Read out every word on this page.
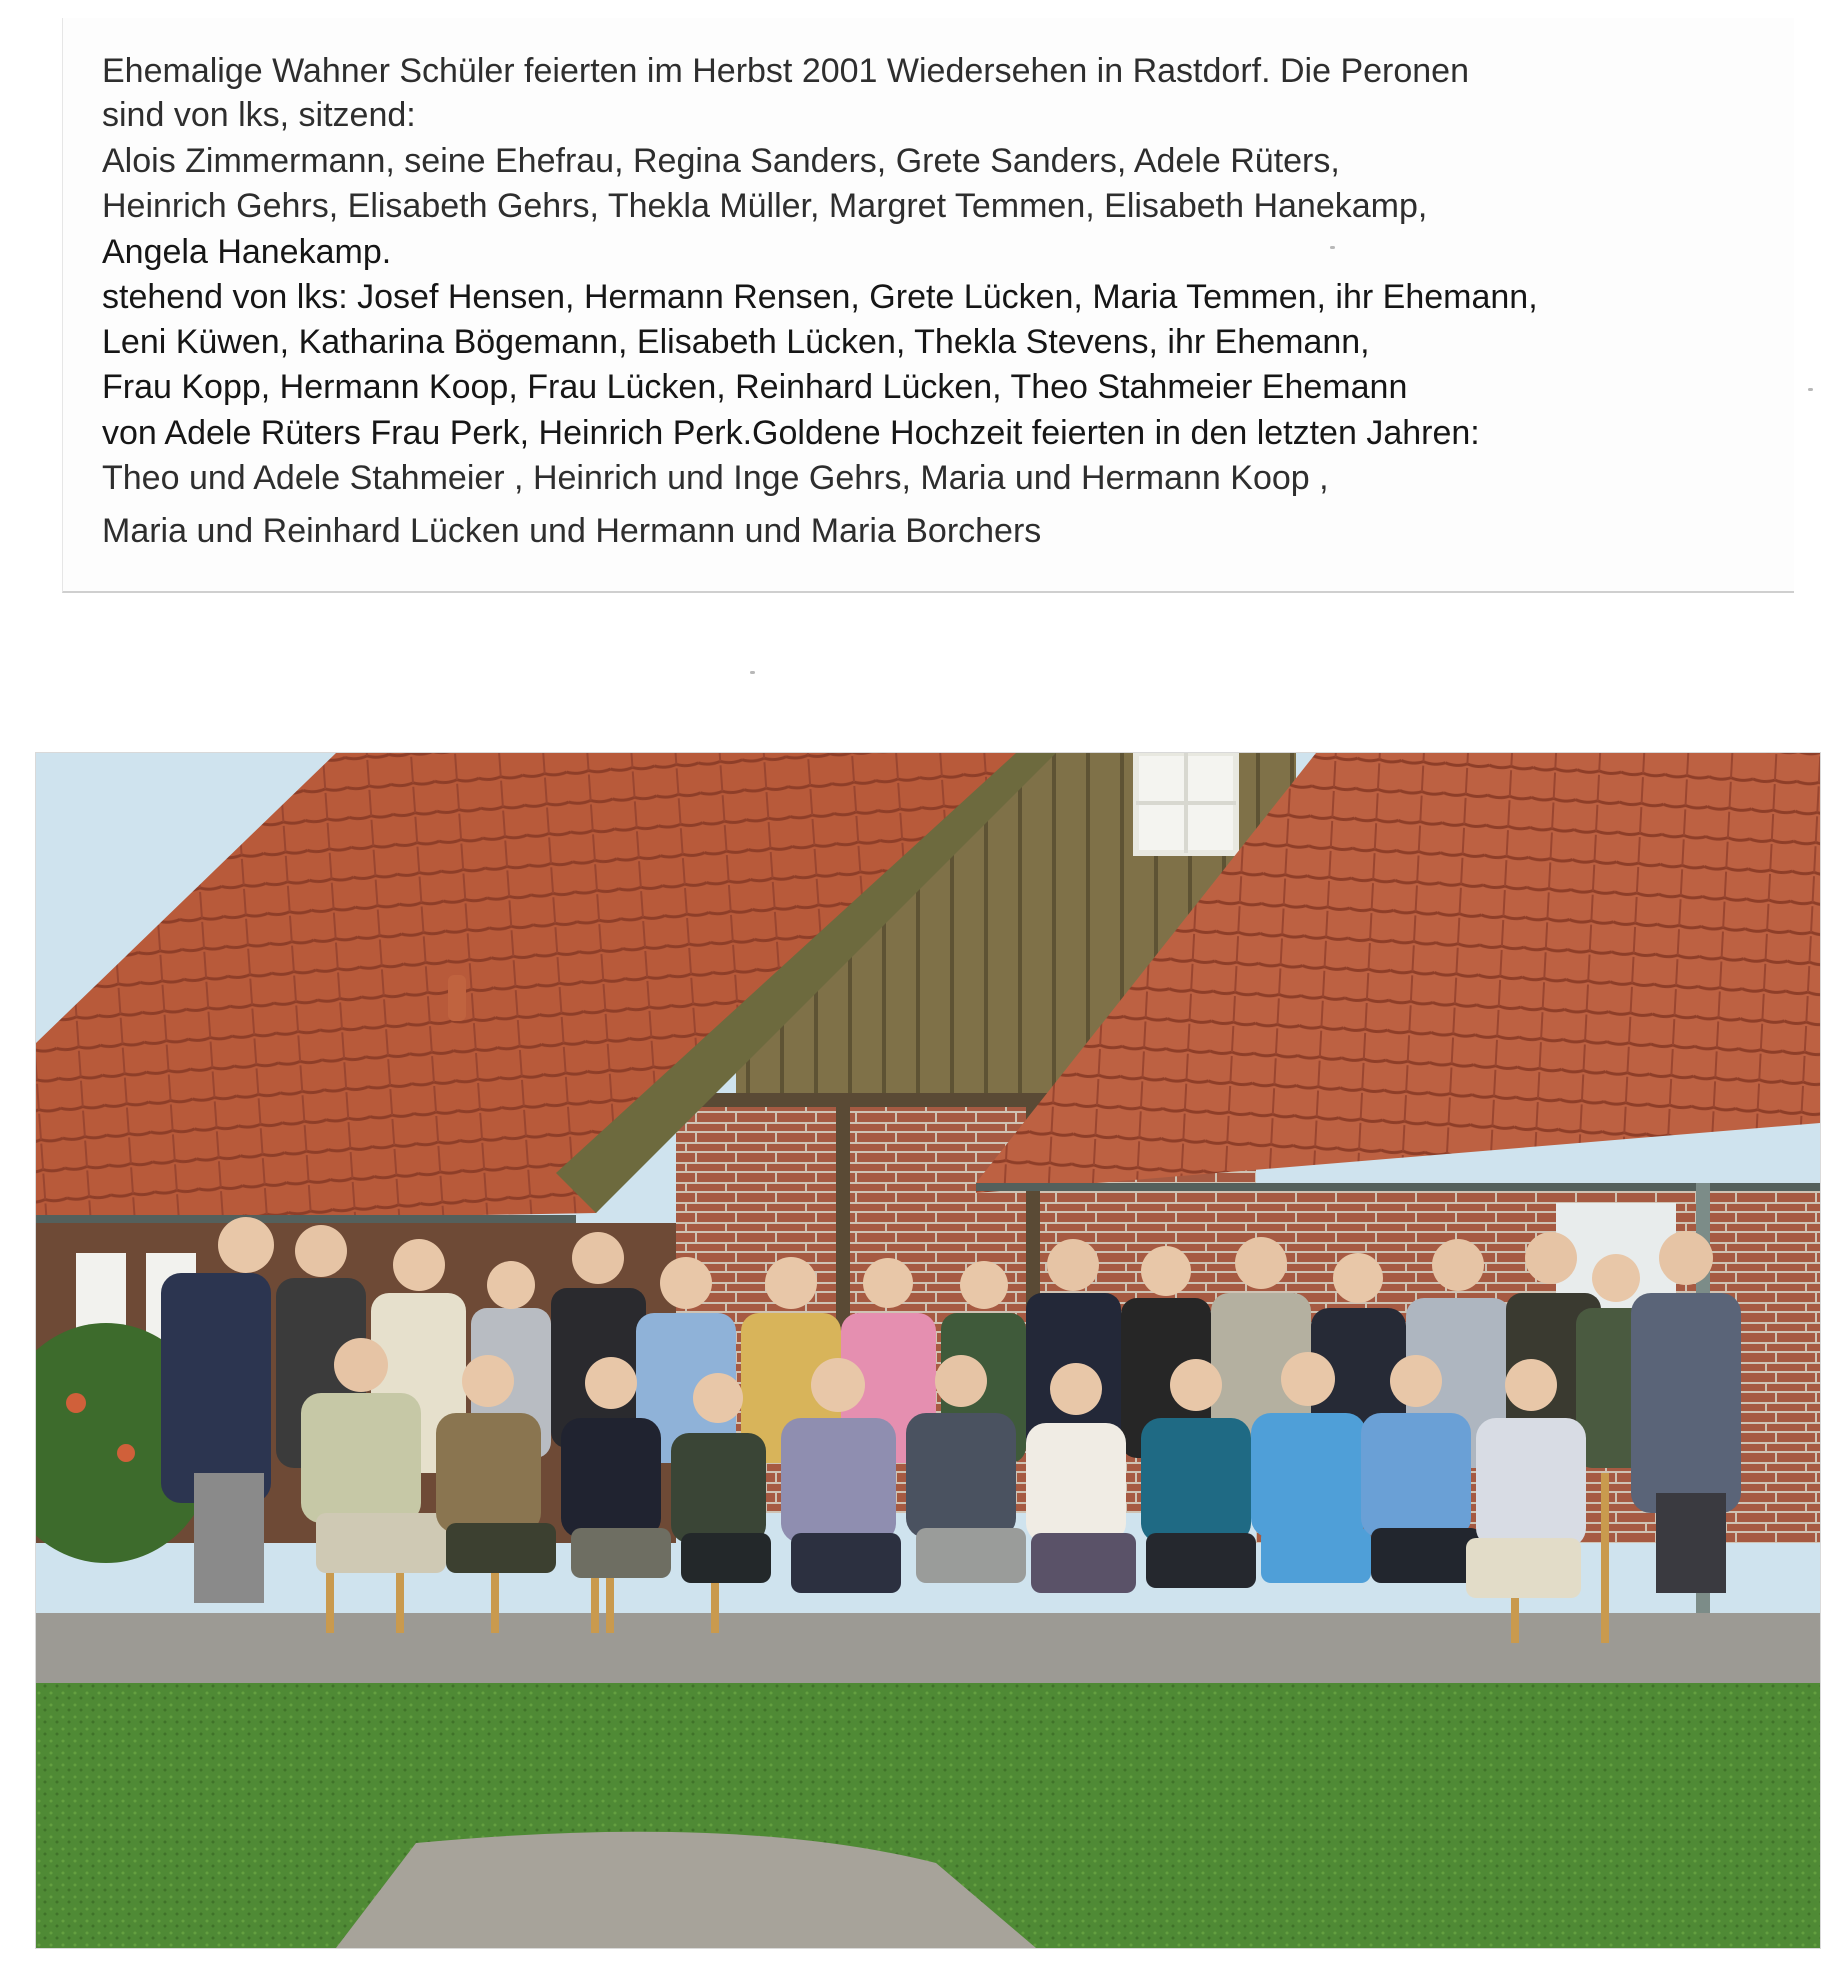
Ehemalige Wahner Schüler feierten im Herbst 2001 Wiedersehen in Rastdorf. Die Peronen

sind von lks, sitzend:

Alois Zimmermann, seine Ehefrau, Regina Sanders, Grete Sanders, Adele Rüters,

Heinrich Gehrs, Elisabeth Gehrs, Thekla Müller, Margret Temmen, Elisabeth Hanekamp,

Angela Hanekamp.

stehend von lks: Josef Hensen, Hermann Rensen, Grete Lücken, Maria Temmen, ihr Ehemann,

Leni Küwen, Katharina Bögemann, Elisabeth Lücken, Thekla Stevens, ihr Ehemann,

Frau Kopp, Hermann Koop, Frau Lücken, Reinhard Lücken, Theo Stahmeier Ehemann

von Adele Rüters Frau Perk, Heinrich Perk.Goldene Hochzeit feierten in den letzten Jahren:

Theo und Adele Stahmeier , Heinrich und Inge Gehrs, Maria und Hermann Koop ,

Maria und Reinhard Lücken und Hermann und Maria Borchers
